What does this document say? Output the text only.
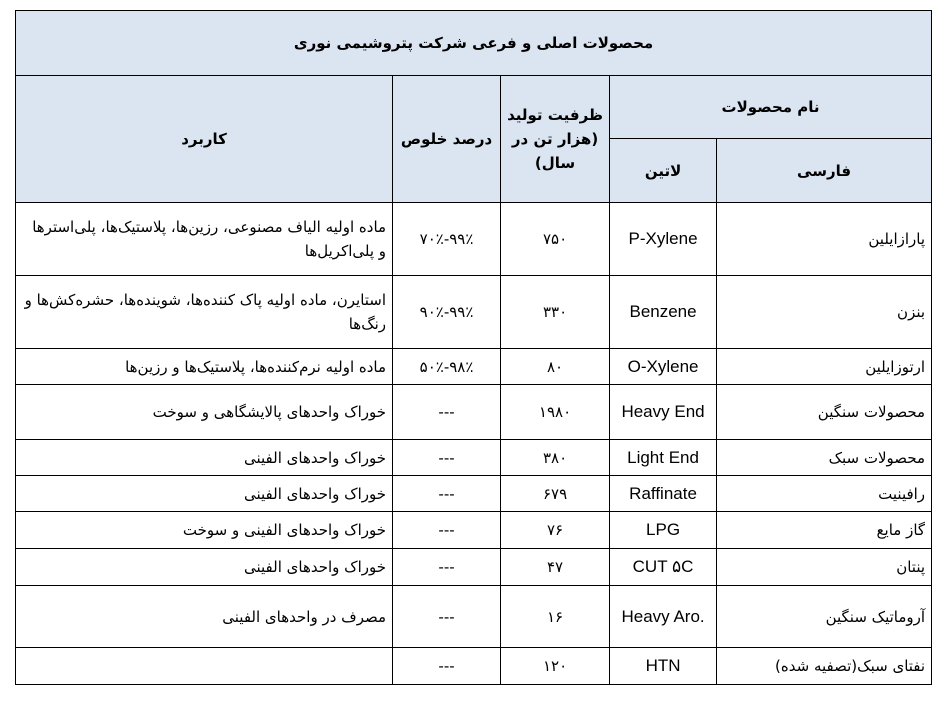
محصولات اصلی و فرعی شرکت پتروشیمی نوری				
نام محصولات		ظرفیت تولید (هزار تن در سال)	درصد خلوص	کاربرد
فارسی	لاتین			
پارازایلین	P-Xylene	۷۵۰	۹۹٪-۷۰٪	ماده اولیه الیاف مصنوعی، رزین‌ها، پلاستیک‌ها، پلی‌استرها و پلی‌اکریل‌ها
بنزن	Benzene	۳۳۰	۹۹٪-۹۰٪	استایرن، ماده اولیه پاک کننده‌ها، شوینده‌ها، حشره‌کش‌ها و رنگ‌ها
ارتوزایلین	O-Xylene	۸۰	۹۸٪-۵۰٪	ماده اولیه نرم‌کننده‌ها، پلاستیک‌ها و رزین‌ها
محصولات سنگین	Heavy End	۱۹۸۰	---	خوراک واحدهای پالایشگاهی و سوخت
محصولات سبک	Light End	۳۸۰	---	خوراک واحدهای الفینی
رافینیت	Raffinate	۶۷۹	---	خوراک واحدهای الفینی
گاز مایع	LPG	۷۶	---	خوراک واحدهای الفینی و سوخت
پنتان	CUT ۵C	۴۷	---	خوراک واحدهای الفینی
آروماتیک سنگین	Heavy Aro.	۱۶	---	مصرف در واحدهای الفینی
نفتای سبک(تصفیه شده)	HTN	۱۲۰	---	
